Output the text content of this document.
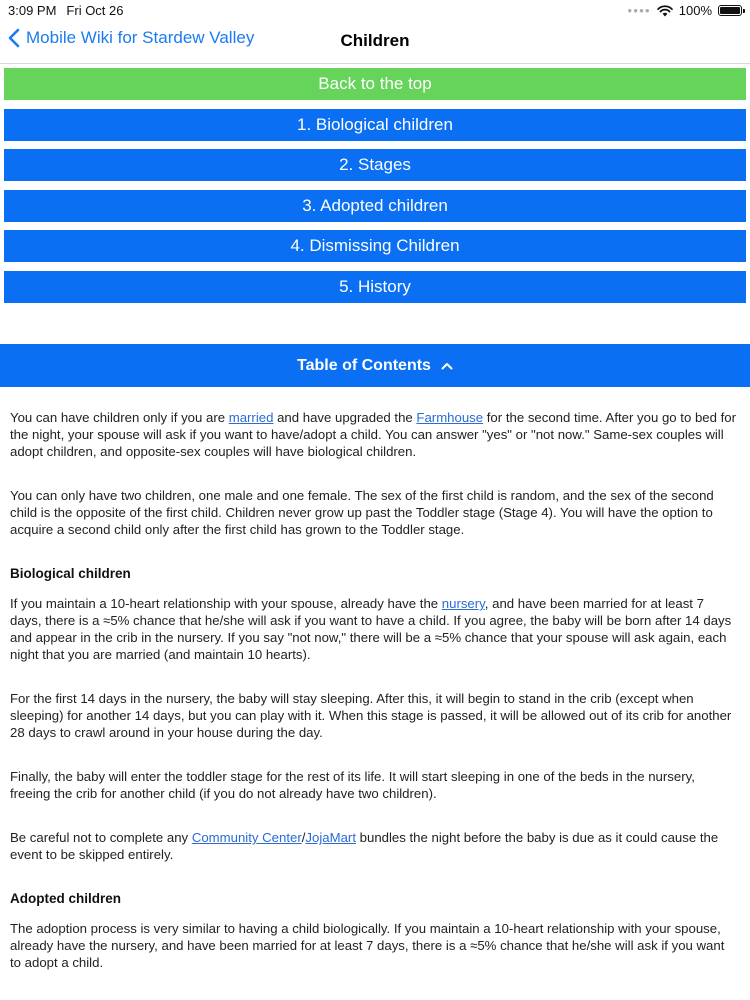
3:09 PM Fri Oct 26	●●●● 100%
Mobile Wiki for Stardew Valley	Children
Back to the top
1. Biological children
2. Stages
3. Adopted children
4. Dismissing Children
5. History
Table of Contents

You can have children only if you are married and have upgraded the Farmhouse for the second time. After you go to bed for the night, your spouse will ask if you want to have/adopt a child. You can answer "yes" or "not now." Same-sex couples will adopt children, and opposite-sex couples will have biological children.

You can only have two children, one male and one female. The sex of the first child is random, and the sex of the second child is the opposite of the first child. Children never grow up past the Toddler stage (Stage 4). You will have the option to acquire a second child only after the first child has grown to the Toddler stage.

Biological children

If you maintain a 10-heart relationship with your spouse, already have the nursery, and have been married for at least 7 days, there is a ≈5% chance that he/she will ask if you want to have a child. If you agree, the baby will be born after 14 days and appear in the crib in the nursery. If you say "not now," there will be a ≈5% chance that your spouse will ask again, each night that you are married (and maintain 10 hearts).

For the first 14 days in the nursery, the baby will stay sleeping. After this, it will begin to stand in the crib (except when sleeping) for another 14 days, but you can play with it. When this stage is passed, it will be allowed out of its crib for another 28 days to crawl around in your house during the day.

Finally, the baby will enter the toddler stage for the rest of its life. It will start sleeping in one of the beds in the nursery, freeing the crib for another child (if you do not already have two children).

Be careful not to complete any Community Center/JojaMart bundles the night before the baby is due as it could cause the event to be skipped entirely.

Adopted children

The adoption process is very similar to having a child biologically. If you maintain a 10-heart relationship with your spouse, already have the nursery, and have been married for at least 7 days, there is a ≈5% chance that he/she will ask if you want to adopt a child.
